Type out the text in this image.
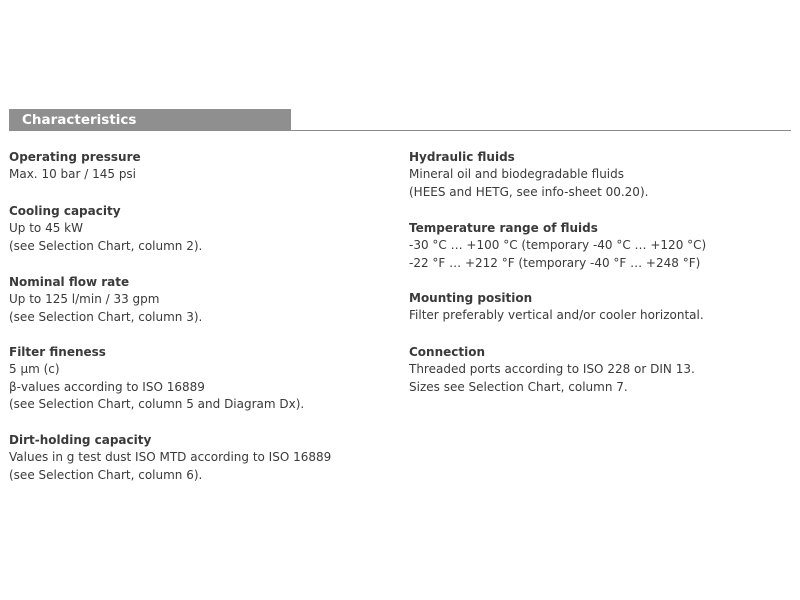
Characteristics
Operating pressure
Max. 10 bar / 145 psi
Cooling capacity
Up to 45 kW
(see Selection Chart, column 2).
Nominal flow rate
Up to 125 l/min / 33 gpm
(see Selection Chart, column 3).
Filter fineness
5 µm (c)
β-values according to ISO 16889
(see Selection Chart, column 5 and Diagram Dx).
Dirt-holding capacity
Values in g test dust ISO MTD according to ISO 16889
(see Selection Chart, column 6).
Hydraulic fluids
Mineral oil and biodegradable fluids
(HEES and HETG, see info-sheet 00.20).
Temperature range of fluids
-30 °C … +100 °C (temporary -40 °C … +120 °C)
-22 °F … +212 °F (temporary -40 °F … +248 °F)
Mounting position
Filter preferably vertical and/or cooler horizontal.
Connection
Threaded ports according to ISO 228 or DIN 13.
Sizes see Selection Chart, column 7.
